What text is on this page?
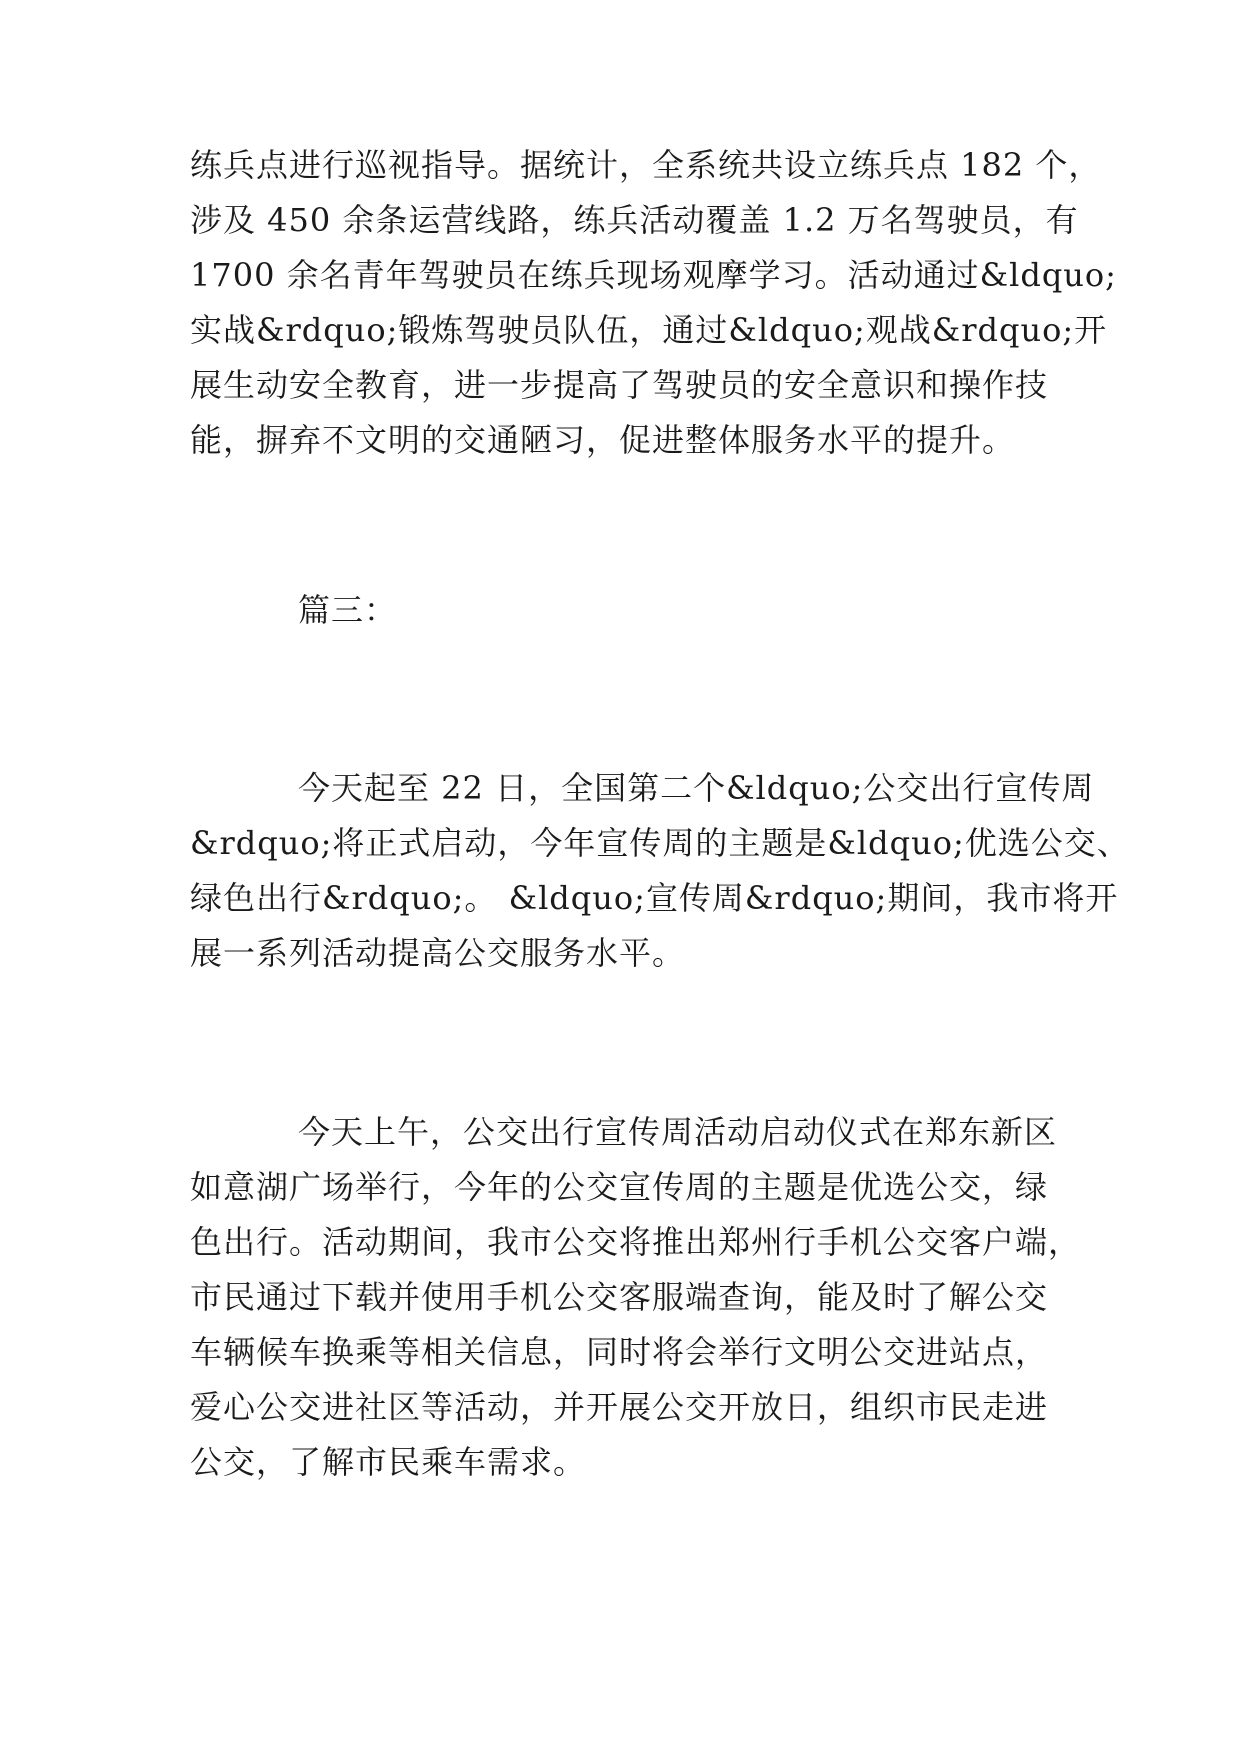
练兵点进行巡视指导。据统计，全系统共设立练兵点 182 个，
涉及 450 余条运营线路，练兵活动覆盖 1.2 万名驾驶员，有
1700 余名青年驾驶员在练兵现场观摩学习。活动通过&ldquo;
实战&rdquo;锻炼驾驶员队伍，通过&ldquo;观战&rdquo;开
展生动安全教育，进一步提高了驾驶员的安全意识和操作技
能，摒弃不文明的交通陋习，促进整体服务水平的提升。
篇三：
今天起至 22 日，全国第二个&ldquo;公交出行宣传周
&rdquo;将正式启动，今年宣传周的主题是&ldquo;优选公交、
绿色出行&rdquo;。 &ldquo;宣传周&rdquo;期间，我市将开
展一系列活动提高公交服务水平。
今天上午，公交出行宣传周活动启动仪式在郑东新区
如意湖广场举行，今年的公交宣传周的主题是优选公交，绿
色出行。活动期间，我市公交将推出郑州行手机公交客户端，
市民通过下载并使用手机公交客服端查询，能及时了解公交
车辆候车换乘等相关信息，同时将会举行文明公交进站点，
爱心公交进社区等活动，并开展公交开放日，组织市民走进
公交，了解市民乘车需求。
